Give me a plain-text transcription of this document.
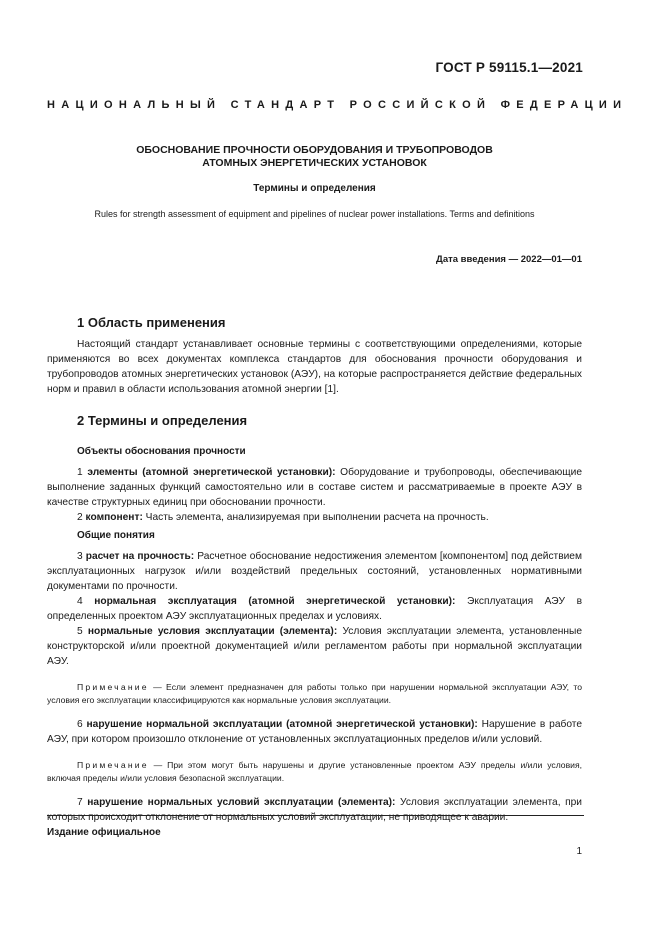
ГОСТ Р 59115.1—2021
НАЦИОНАЛЬНЫЙ СТАНДАРТ РОССИЙСКОЙ ФЕДЕРАЦИИ
ОБОСНОВАНИЕ ПРОЧНОСТИ ОБОРУДОВАНИЯ И ТРУБОПРОВОДОВ
АТОМНЫХ ЭНЕРГЕТИЧЕСКИХ УСТАНОВОК
Термины и определения
Rules for strength assessment of equipment and pipelines of nuclear power installations. Terms and definitions
Дата введения — 2022—01—01
1 Область применения

Настоящий стандарт устанавливает основные термины с соответствующими определениями, которые применяются во всех документах комплекса стандартов для обоснования прочности оборудования и трубопроводов атомных энергетических установок (АЭУ), на которые распространяется действие федеральных норм и правил в области использования атомной энергии [1].

2 Термины и определения
Объекты обоснования прочности

1 элементы (атомной энергетической установки): Оборудование и трубопроводы, обеспечивающие выполнение заданных функций самостоятельно или в составе систем и рассматриваемые в проекте АЭУ в качестве структурных единиц при обосновании прочности.

2 компонент: Часть элемента, анализируемая при выполнении расчета на прочность.

Общие понятия

3 расчет на прочность: Расчетное обоснование недостижения элементом [компонентом] под действием эксплуатационных нагрузок и/или воздействий предельных состояний, установленных нормативными документами по прочности.

4 нормальная эксплуатация (атомной энергетической установки): Эксплуатация АЭУ в определенных проектом АЭУ эксплуатационных пределах и условиях.

5 нормальные условия эксплуатации (элемента): Условия эксплуатации элемента, установленные конструкторской и/или проектной документацией и/или регламентом работы при нормальной эксплуатации АЭУ.

Примечание — Если элемент предназначен для работы только при нарушении нормальной эксплуатации АЭУ, то условия его эксплуатации классифицируются как нормальные условия эксплуатации.

6 нарушение нормальной эксплуатации (атомной энергетической установки): Нарушение в работе АЭУ, при котором произошло отклонение от установленных эксплуатационных пределов и/или условий.

Примечание — При этом могут быть нарушены и другие установленные проектом АЭУ пределы и/или условия, включая пределы и/или условия безопасной эксплуатации.

7 нарушение нормальных условий эксплуатации (элемента): Условия эксплуатации элемента, при которых происходит отклонение от нормальных условий эксплуатации, не приводящее к аварии.

Издание официальное
1
